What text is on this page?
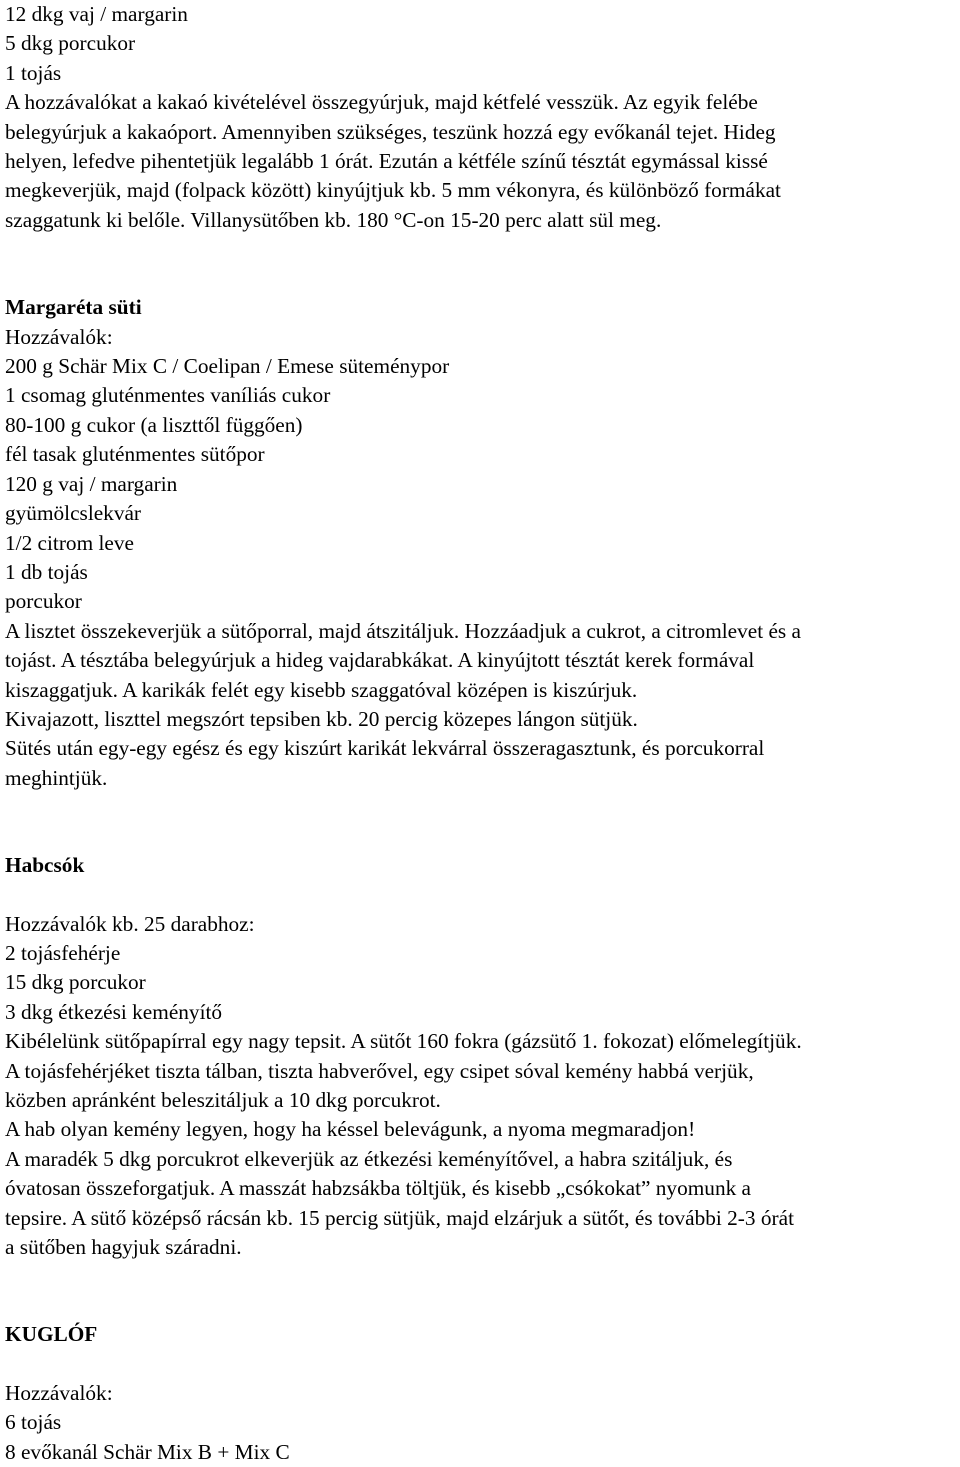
12 dkg vaj / margarin
5 dkg porcukor
1 tojás
A hozzávalókat a kakaó kivételével összegyúrjuk, majd kétfelé vesszük. Az egyik felébe
belegyúrjuk a kakaóport. Amennyiben szükséges, teszünk hozzá egy evőkanál tejet. Hideg
helyen, lefedve pihentetjük legalább 1 órát. Ezután a kétféle színű tésztát egymással kissé
megkeverjük, majd (folpack között) kinyújtjuk kb. 5 mm vékonyra, és különböző formákat
szaggatunk ki belőle. Villanysütőben kb. 180 °C-on 15-20 perc alatt sül meg.
Margaréta süti
Hozzávalók:
200 g Schär Mix C / Coelipan / Emese süteménypor
1 csomag gluténmentes vaníliás cukor
80-100 g cukor (a liszttől függően)
fél tasak gluténmentes sütőpor
120 g vaj / margarin
gyümölcslekvár
1/2 citrom leve
1 db tojás
porcukor
A lisztet összekeverjük a sütőporral, majd átszitáljuk. Hozzáadjuk a cukrot, a citromlevet és a
tojást. A tésztába belegyúrjuk a hideg vajdarabkákat. A kinyújtott tésztát kerek formával
kiszaggatjuk. A karikák felét egy kisebb szaggatóval középen is kiszúrjuk.
Kivajazott, liszttel megszórt tepsiben kb. 20 percig közepes lángon sütjük.
Sütés után egy-egy egész és egy kiszúrt karikát lekvárral összeragasztunk, és porcukorral
meghintjük.
Habcsók
Hozzávalók kb. 25 darabhoz:
2 tojásfehérje
15 dkg porcukor
3 dkg étkezési keményítő
Kibélelünk sütőpapírral egy nagy tepsit. A sütőt 160 fokra (gázsütő 1. fokozat) előmelegítjük.
A tojásfehérjéket tiszta tálban, tiszta habverővel, egy csipet sóval kemény habbá verjük,
közben apránként beleszitáljuk a 10 dkg porcukrot.
A hab olyan kemény legyen, hogy ha késsel belevágunk, a nyoma megmaradjon!
A maradék 5 dkg porcukrot elkeverjük az étkezési keményítővel, a habra szitáljuk, és
óvatosan összeforgatjuk. A masszát habzsákba töltjük, és kisebb „csókokat” nyomunk a
tepsire. A sütő középső rácsán kb. 15 percig sütjük, majd elzárjuk a sütőt, és további 2-3 órát
a sütőben hagyjuk száradni.
KUGLÓF
Hozzávalók:
6 tojás
8 evőkanál Schär Mix B + Mix C
